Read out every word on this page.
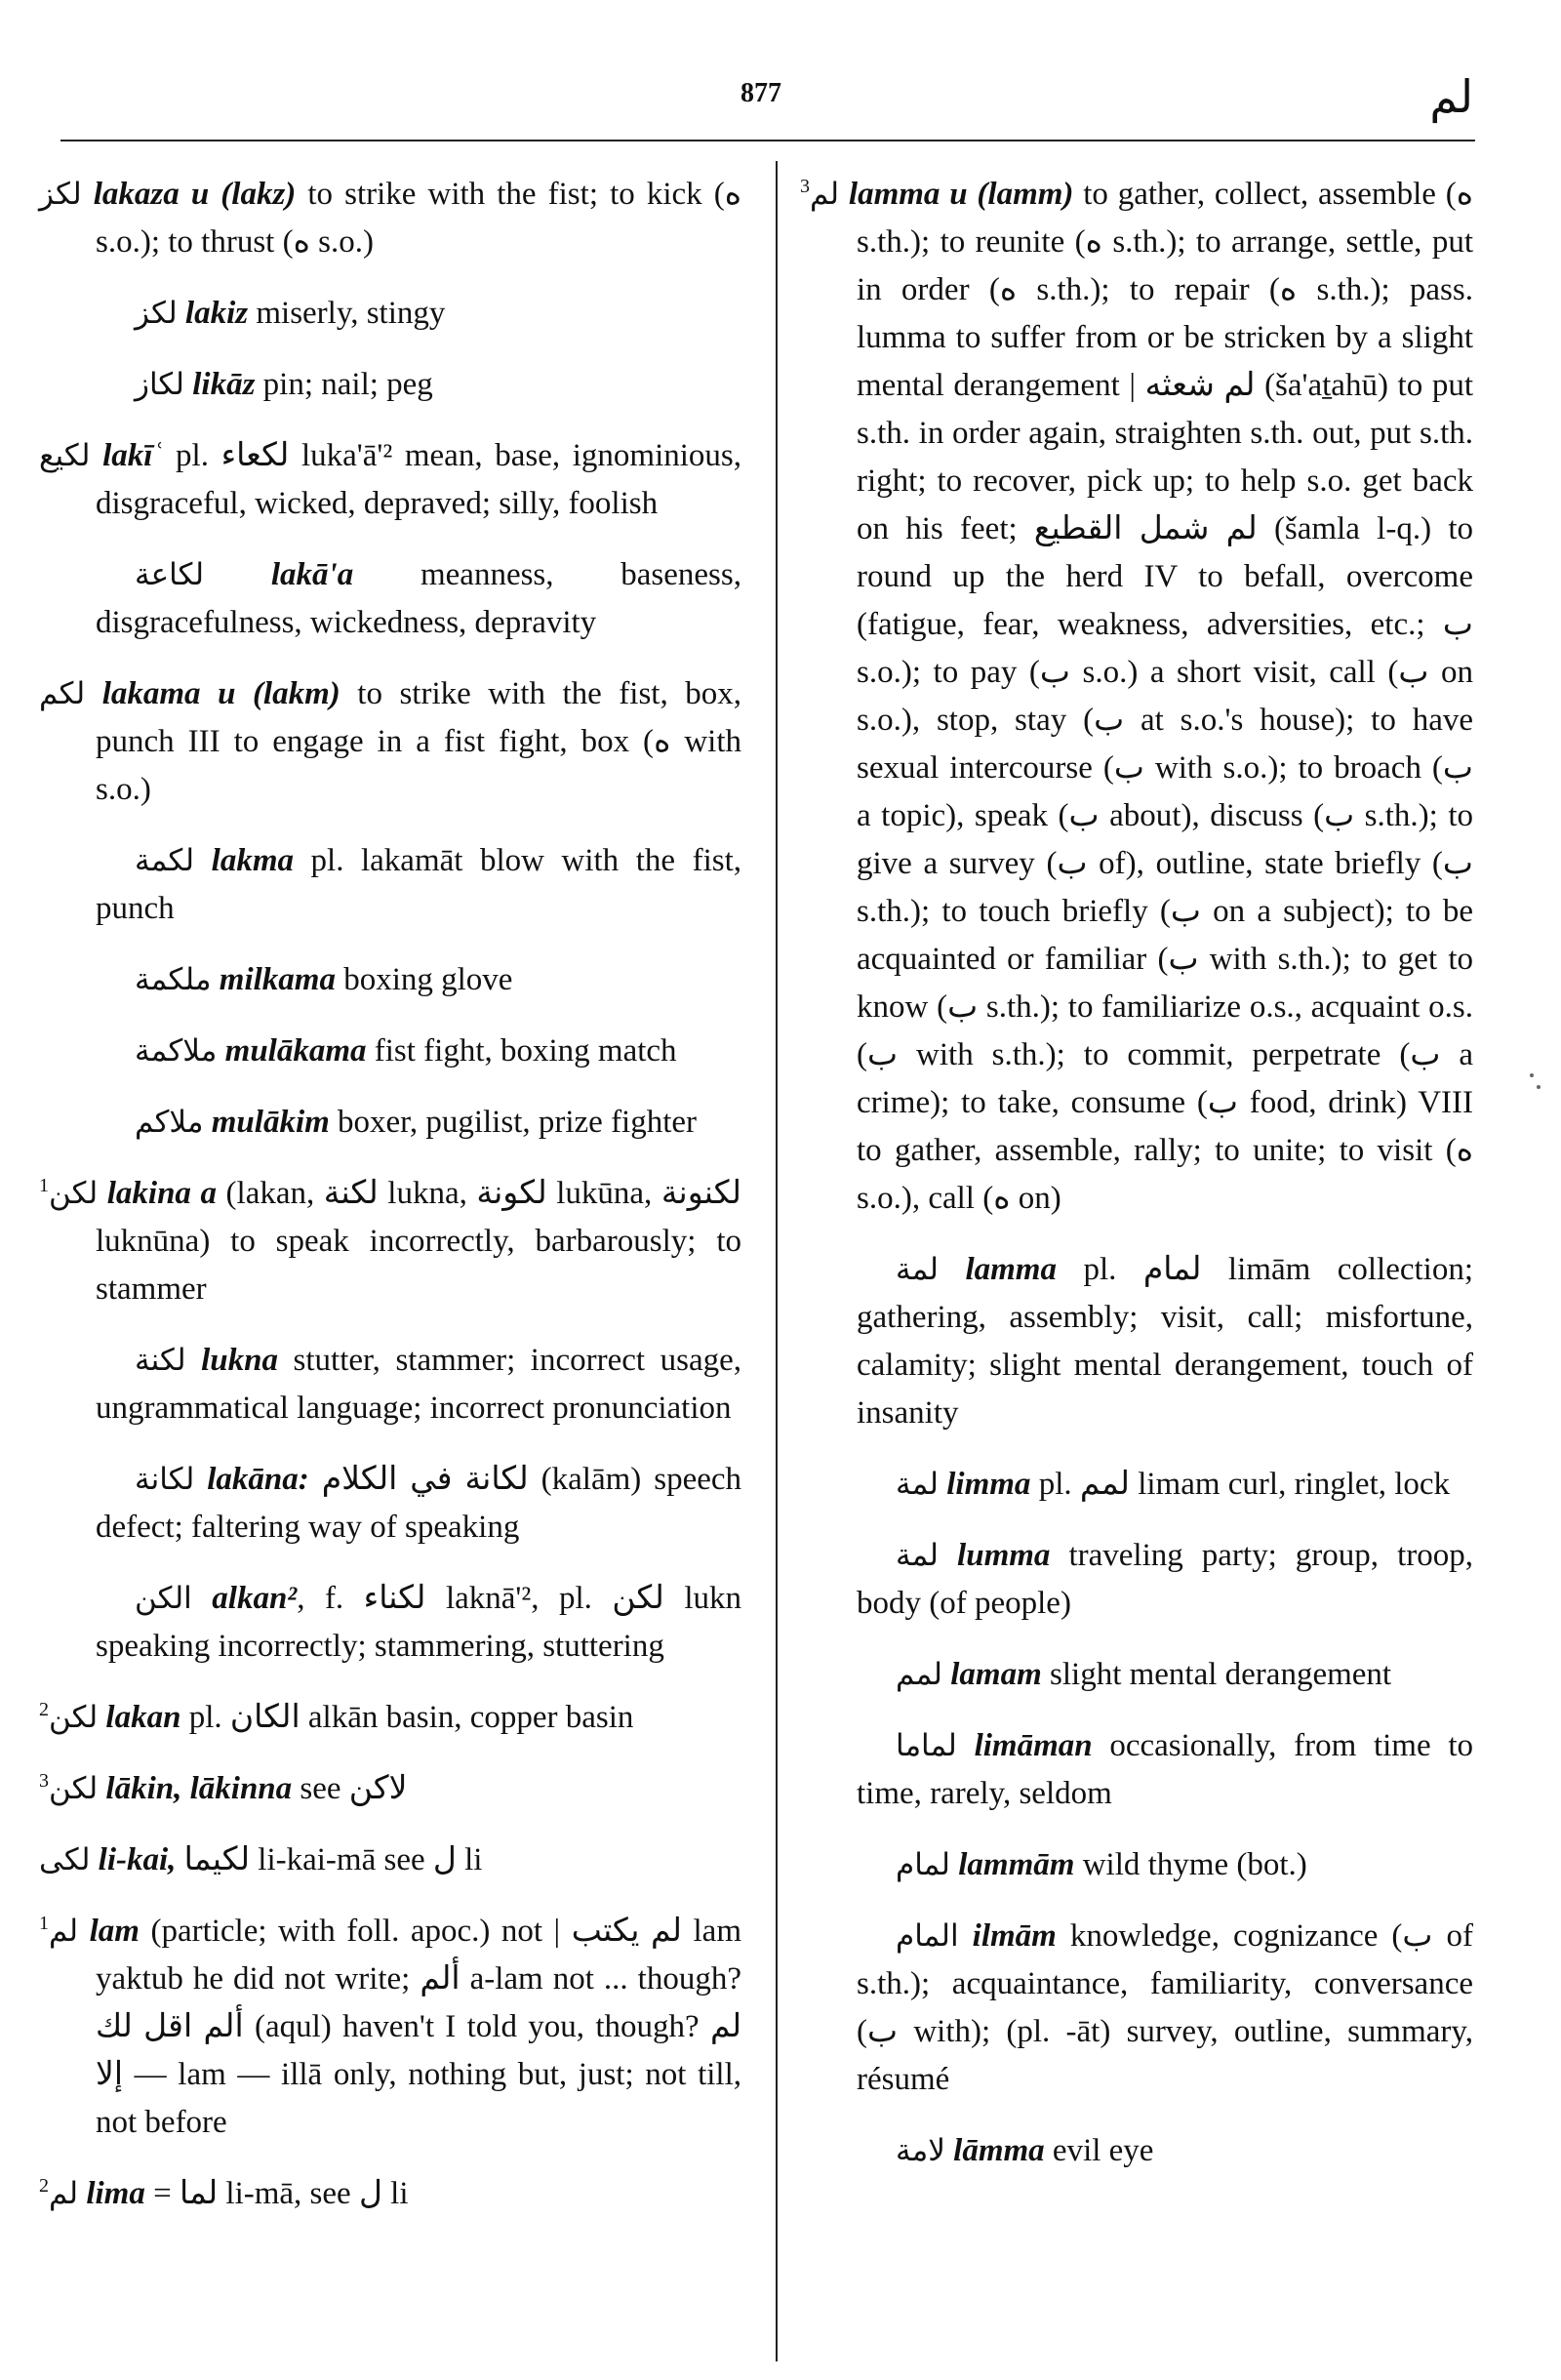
877	لم
لكز lakaza u (lakz) to strike with the fist; to kick (ه s.o.); to thrust (ه s.o.)
لكز lakiz miserly, stingy
لكاز likāz pin; nail; peg
لكيع lakīʿ pl. لكعاء luka'ā'² mean, base, ignominious, disgraceful, wicked, depraved; silly, foolish
لكاعة lakā'a meanness, baseness, disgracefulness, wickedness, depravity
لكم lakama u (lakm) to strike with the fist, box, punch III to engage in a fist fight, box (ه with s.o.)
لكمة lakma pl. lakamāt blow with the fist, punch
ملكمة milkama boxing glove
ملاكمة mulākama fist fight, boxing match
ملاكم mulākim boxer, pugilist, prize fighter
$^1$لكن lakina a (lakan, لكنة lukna, لكونة lukūna, لكنونة luknūna) to speak incorrectly, barbarously; to stammer
لكنة lukna stutter, stammer; incorrect usage, ungrammatical language; incorrect pronunciation
لكانة lakāna: لكانة في الكلام (kalām) speech defect; faltering way of speaking
الكن alkan², f. لكناء laknā'², pl. لكن lukn speaking incorrectly; stammering, stuttering
$^2$لكن lakan pl. الكان alkān basin, copper basin
$^3$لكن lākin, lākinna see لاكن
لكى li-kai, لكيما li-kai-mā see ل li
$^1$لم lam (particle; with foll. apoc.) not | لم يكتب lam yaktub he did not write; ألم a-lam not ... though? ألم اقل لك (aqul) haven't I told you, though? لم — إلا lam — illā only, nothing but, just; not till, not before
$^2$لم lima = لما li-mā, see ل li
$^3$لم lamma u (lamm) to gather, collect, assemble (ه s.th.); to reunite (ه s.th.); to arrange, settle, put in order (ه s.th.); to repair (ه s.th.); pass. lumma to suffer from or be stricken by a slight mental derangement | لم شعثه (ša'aṯahū) to put s.th. in order again, straighten s.th. out, put s.th. right; to recover, pick up; to help s.o. get back on his feet; لم شمل القطيع (šamla l-q.) to round up the herd IV to befall, overcome (fatigue, fear, weakness, adversities, etc.; ب s.o.); to pay (ب s.o.) a short visit, call (ب on s.o.), stop, stay (ب at s.o.'s house); to have sexual intercourse (ب with s.o.); to broach (ب a topic), speak (ب about), discuss (ب s.th.); to give a survey (ب of), outline, state briefly (ب s.th.); to touch briefly (ب on a subject); to be acquainted or familiar (ب with s.th.); to get to know (ب s.th.); to familiarize o.s., acquaint o.s. (ب with s.th.); to commit, perpetrate (ب a crime); to take, consume (ب food, drink) VIII to gather, assemble, rally; to unite; to visit (ه s.o.), call (ه on)
لمة lamma pl. لمام limām collection; gathering, assembly; visit, call; misfortune, calamity; slight mental derangement, touch of insanity
لمة limma pl. لمم limam curl, ringlet, lock
لمة lumma traveling party; group, troop, body (of people)
لمم lamam slight mental derangement
لماما limāman occasionally, from time to time, rarely, seldom
لمام lammām wild thyme (bot.)
المام ilmām knowledge, cognizance (ب of s.th.); acquaintance, familiarity, conversance (ب with); (pl. -āt) survey, outline, summary, résumé
لامة lāmma evil eye
